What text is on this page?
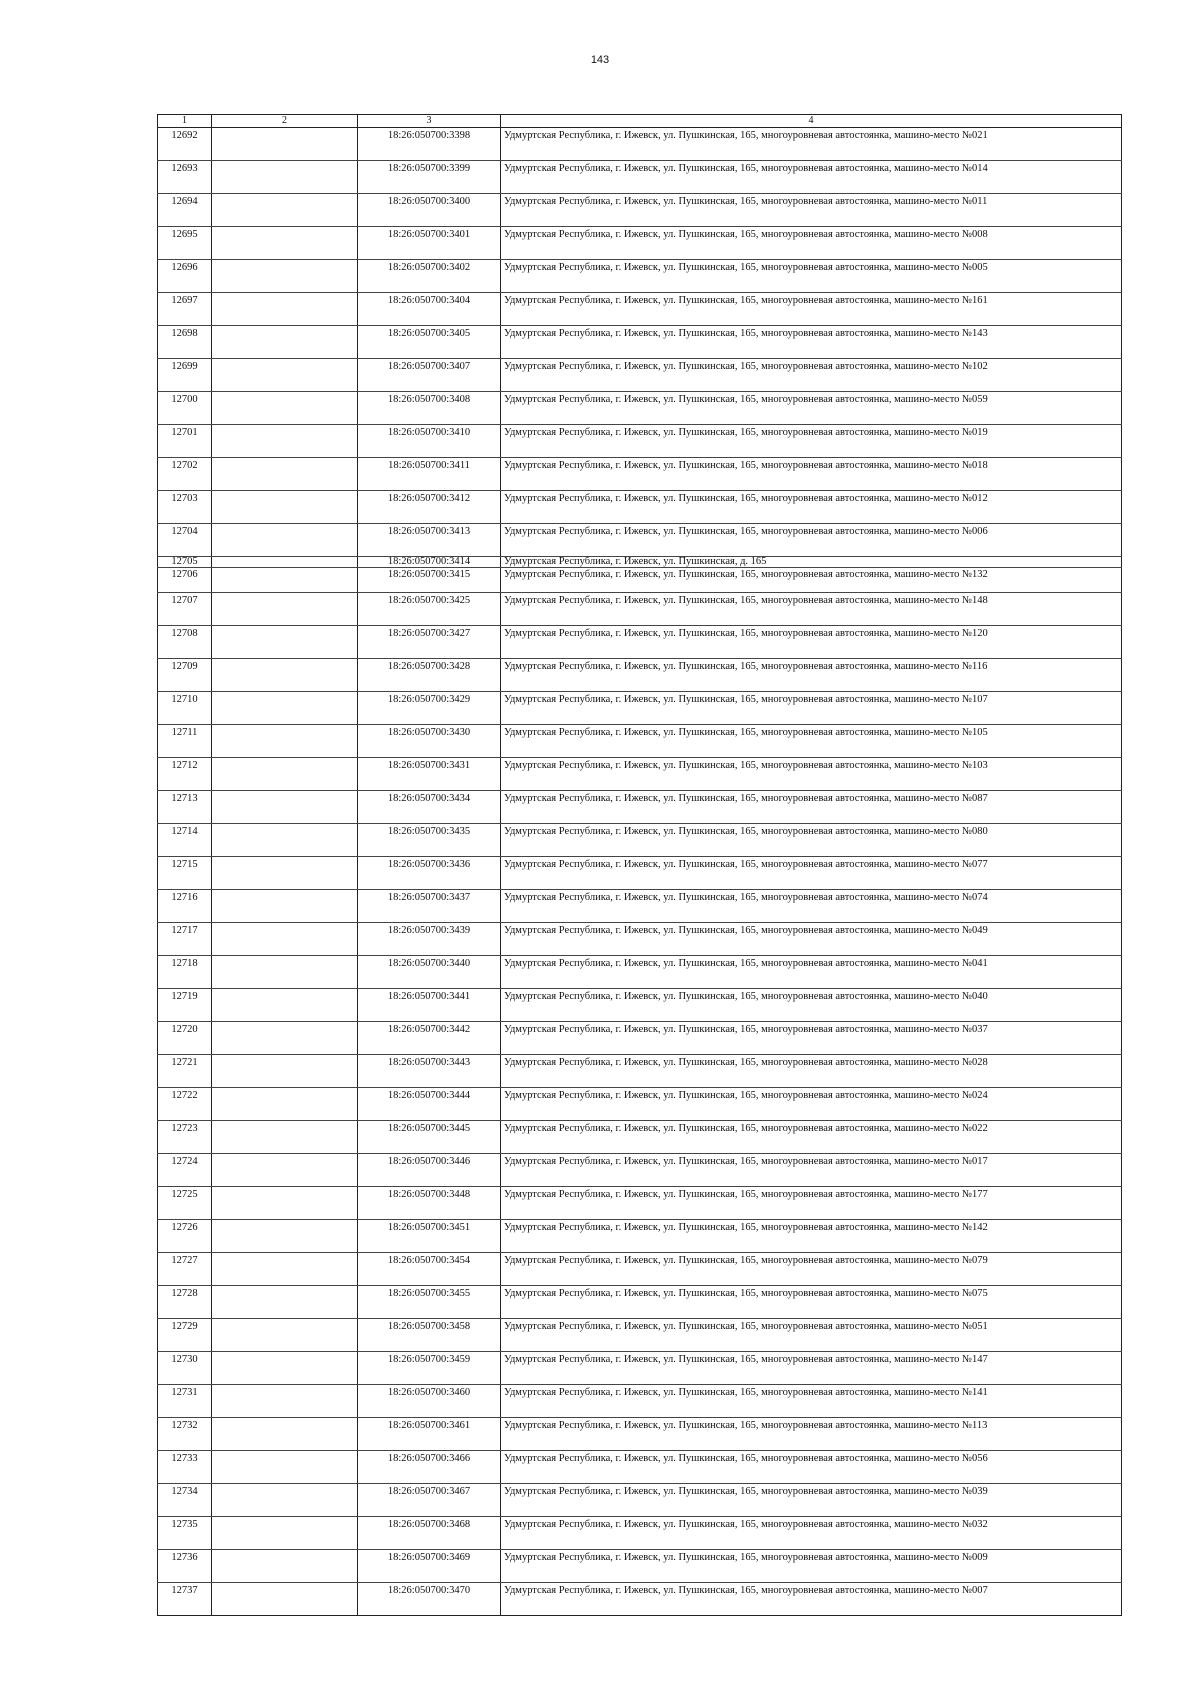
143
1	2	3	4
12692		18:26:050700:3398	Удмуртская Республика, г. Ижевск, ул. Пушкинская, 165, многоуровневая автостоянка, машино-место №021
12693		18:26:050700:3399	Удмуртская Республика, г. Ижевск, ул. Пушкинская, 165, многоуровневая автостоянка, машино-место №014
12694		18:26:050700:3400	Удмуртская Республика, г. Ижевск, ул. Пушкинская, 165, многоуровневая автостоянка, машино-место №011
12695		18:26:050700:3401	Удмуртская Республика, г. Ижевск, ул. Пушкинская, 165, многоуровневая автостоянка, машино-место №008
12696		18:26:050700:3402	Удмуртская Республика, г. Ижевск, ул. Пушкинская, 165, многоуровневая автостоянка, машино-место №005
12697		18:26:050700:3404	Удмуртская Республика, г. Ижевск, ул. Пушкинская, 165, многоуровневая автостоянка, машино-место №161
12698		18:26:050700:3405	Удмуртская Республика, г. Ижевск, ул. Пушкинская, 165, многоуровневая автостоянка, машино-место №143
12699		18:26:050700:3407	Удмуртская Республика, г. Ижевск, ул. Пушкинская, 165, многоуровневая автостоянка, машино-место №102
12700		18:26:050700:3408	Удмуртская Республика, г. Ижевск, ул. Пушкинская, 165, многоуровневая автостоянка, машино-место №059
12701		18:26:050700:3410	Удмуртская Республика, г. Ижевск, ул. Пушкинская, 165, многоуровневая автостоянка, машино-место №019
12702		18:26:050700:3411	Удмуртская Республика, г. Ижевск, ул. Пушкинская, 165, многоуровневая автостоянка, машино-место №018
12703		18:26:050700:3412	Удмуртская Республика, г. Ижевск, ул. Пушкинская, 165, многоуровневая автостоянка, машино-место №012
12704		18:26:050700:3413	Удмуртская Республика, г. Ижевск, ул. Пушкинская, 165, многоуровневая автостоянка, машино-место №006
12705		18:26:050700:3414	Удмуртская Республика, г. Ижевск, ул. Пушкинская, д. 165
12706		18:26:050700:3415	Удмуртская Республика, г. Ижевск, ул. Пушкинская, 165, многоуровневая автостоянка, машино-место №132
12707		18:26:050700:3425	Удмуртская Республика, г. Ижевск, ул. Пушкинская, 165, многоуровневая автостоянка, машино-место №148
12708		18:26:050700:3427	Удмуртская Республика, г. Ижевск, ул. Пушкинская, 165, многоуровневая автостоянка, машино-место №120
12709		18:26:050700:3428	Удмуртская Республика, г. Ижевск, ул. Пушкинская, 165, многоуровневая автостоянка, машино-место №116
12710		18:26:050700:3429	Удмуртская Республика, г. Ижевск, ул. Пушкинская, 165, многоуровневая автостоянка, машино-место №107
12711		18:26:050700:3430	Удмуртская Республика, г. Ижевск, ул. Пушкинская, 165, многоуровневая автостоянка, машино-место №105
12712		18:26:050700:3431	Удмуртская Республика, г. Ижевск, ул. Пушкинская, 165, многоуровневая автостоянка, машино-место №103
12713		18:26:050700:3434	Удмуртская Республика, г. Ижевск, ул. Пушкинская, 165, многоуровневая автостоянка, машино-место №087
12714		18:26:050700:3435	Удмуртская Республика, г. Ижевск, ул. Пушкинская, 165, многоуровневая автостоянка, машино-место №080
12715		18:26:050700:3436	Удмуртская Республика, г. Ижевск, ул. Пушкинская, 165, многоуровневая автостоянка, машино-место №077
12716		18:26:050700:3437	Удмуртская Республика, г. Ижевск, ул. Пушкинская, 165, многоуровневая автостоянка, машино-место №074
12717		18:26:050700:3439	Удмуртская Республика, г. Ижевск, ул. Пушкинская, 165, многоуровневая автостоянка, машино-место №049
12718		18:26:050700:3440	Удмуртская Республика, г. Ижевск, ул. Пушкинская, 165, многоуровневая автостоянка, машино-место №041
12719		18:26:050700:3441	Удмуртская Республика, г. Ижевск, ул. Пушкинская, 165, многоуровневая автостоянка, машино-место №040
12720		18:26:050700:3442	Удмуртская Республика, г. Ижевск, ул. Пушкинская, 165, многоуровневая автостоянка, машино-место №037
12721		18:26:050700:3443	Удмуртская Республика, г. Ижевск, ул. Пушкинская, 165, многоуровневая автостоянка, машино-место №028
12722		18:26:050700:3444	Удмуртская Республика, г. Ижевск, ул. Пушкинская, 165, многоуровневая автостоянка, машино-место №024
12723		18:26:050700:3445	Удмуртская Республика, г. Ижевск, ул. Пушкинская, 165, многоуровневая автостоянка, машино-место №022
12724		18:26:050700:3446	Удмуртская Республика, г. Ижевск, ул. Пушкинская, 165, многоуровневая автостоянка, машино-место №017
12725		18:26:050700:3448	Удмуртская Республика, г. Ижевск, ул. Пушкинская, 165, многоуровневая автостоянка, машино-место №177
12726		18:26:050700:3451	Удмуртская Республика, г. Ижевск, ул. Пушкинская, 165, многоуровневая автостоянка, машино-место №142
12727		18:26:050700:3454	Удмуртская Республика, г. Ижевск, ул. Пушкинская, 165, многоуровневая автостоянка, машино-место №079
12728		18:26:050700:3455	Удмуртская Республика, г. Ижевск, ул. Пушкинская, 165, многоуровневая автостоянка, машино-место №075
12729		18:26:050700:3458	Удмуртская Республика, г. Ижевск, ул. Пушкинская, 165, многоуровневая автостоянка, машино-место №051
12730		18:26:050700:3459	Удмуртская Республика, г. Ижевск, ул. Пушкинская, 165, многоуровневая автостоянка, машино-место №147
12731		18:26:050700:3460	Удмуртская Республика, г. Ижевск, ул. Пушкинская, 165, многоуровневая автостоянка, машино-место №141
12732		18:26:050700:3461	Удмуртская Республика, г. Ижевск, ул. Пушкинская, 165, многоуровневая автостоянка, машино-место №113
12733		18:26:050700:3466	Удмуртская Республика, г. Ижевск, ул. Пушкинская, 165, многоуровневая автостоянка, машино-место №056
12734		18:26:050700:3467	Удмуртская Республика, г. Ижевск, ул. Пушкинская, 165, многоуровневая автостоянка, машино-место №039
12735		18:26:050700:3468	Удмуртская Республика, г. Ижевск, ул. Пушкинская, 165, многоуровневая автостоянка, машино-место №032
12736		18:26:050700:3469	Удмуртская Республика, г. Ижевск, ул. Пушкинская, 165, многоуровневая автостоянка, машино-место №009
12737		18:26:050700:3470	Удмуртская Республика, г. Ижевск, ул. Пушкинская, 165, многоуровневая автостоянка, машино-место №007
